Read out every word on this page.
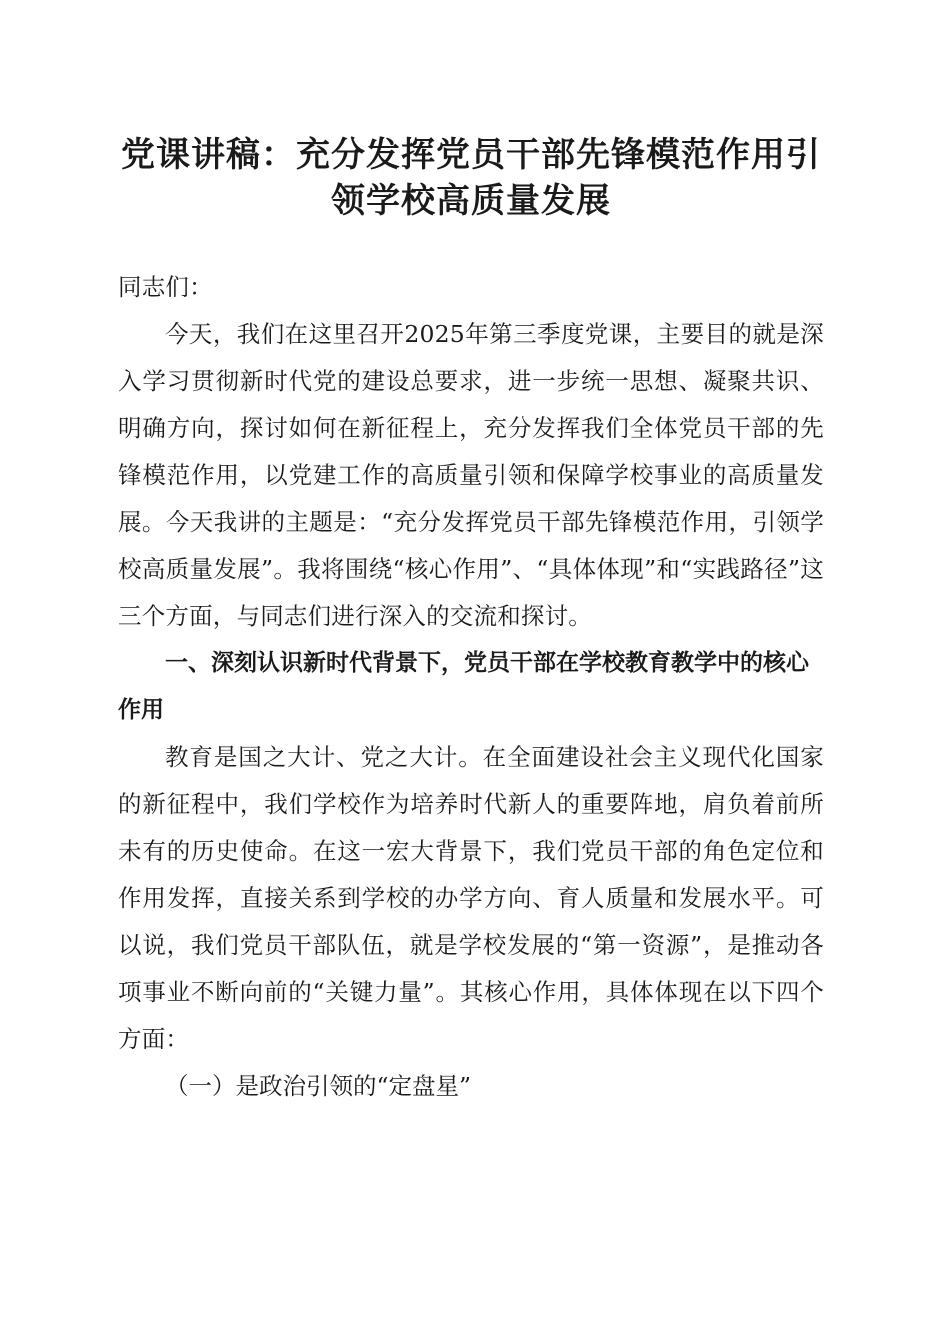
党课讲稿：充分发挥党员干部先锋模范作用引领学校高质量发展

同志们：

今天，我们在这里召开2025年第三季度党课，主要目的就是深入学习贯彻新时代党的建设总要求，进一步统一思想、凝聚共识、明确方向，探讨如何在新征程上，充分发挥我们全体党员干部的先锋模范作用，以党建工作的高质量引领和保障学校事业的高质量发展。今天我讲的主题是：“充分发挥党员干部先锋模范作用，引领学校高质量发展”。我将围绕“核心作用”、“具体体现”和“实践路径”这三个方面，与同志们进行深入的交流和探讨。

一、深刻认识新时代背景下，党员干部在学校教育教学中的核心作用

教育是国之大计、党之大计。在全面建设社会主义现代化国家的新征程中，我们学校作为培养时代新人的重要阵地，肩负着前所未有的历史使命。在这一宏大背景下，我们党员干部的角色定位和作用发挥，直接关系到学校的办学方向、育人质量和发展水平。可以说，我们党员干部队伍，就是学校发展的“第一资源”，是推动各项事业不断向前的“关键力量”。其核心作用，具体体现在以下四个方面：

（一）是政治引领的“定盘星”
